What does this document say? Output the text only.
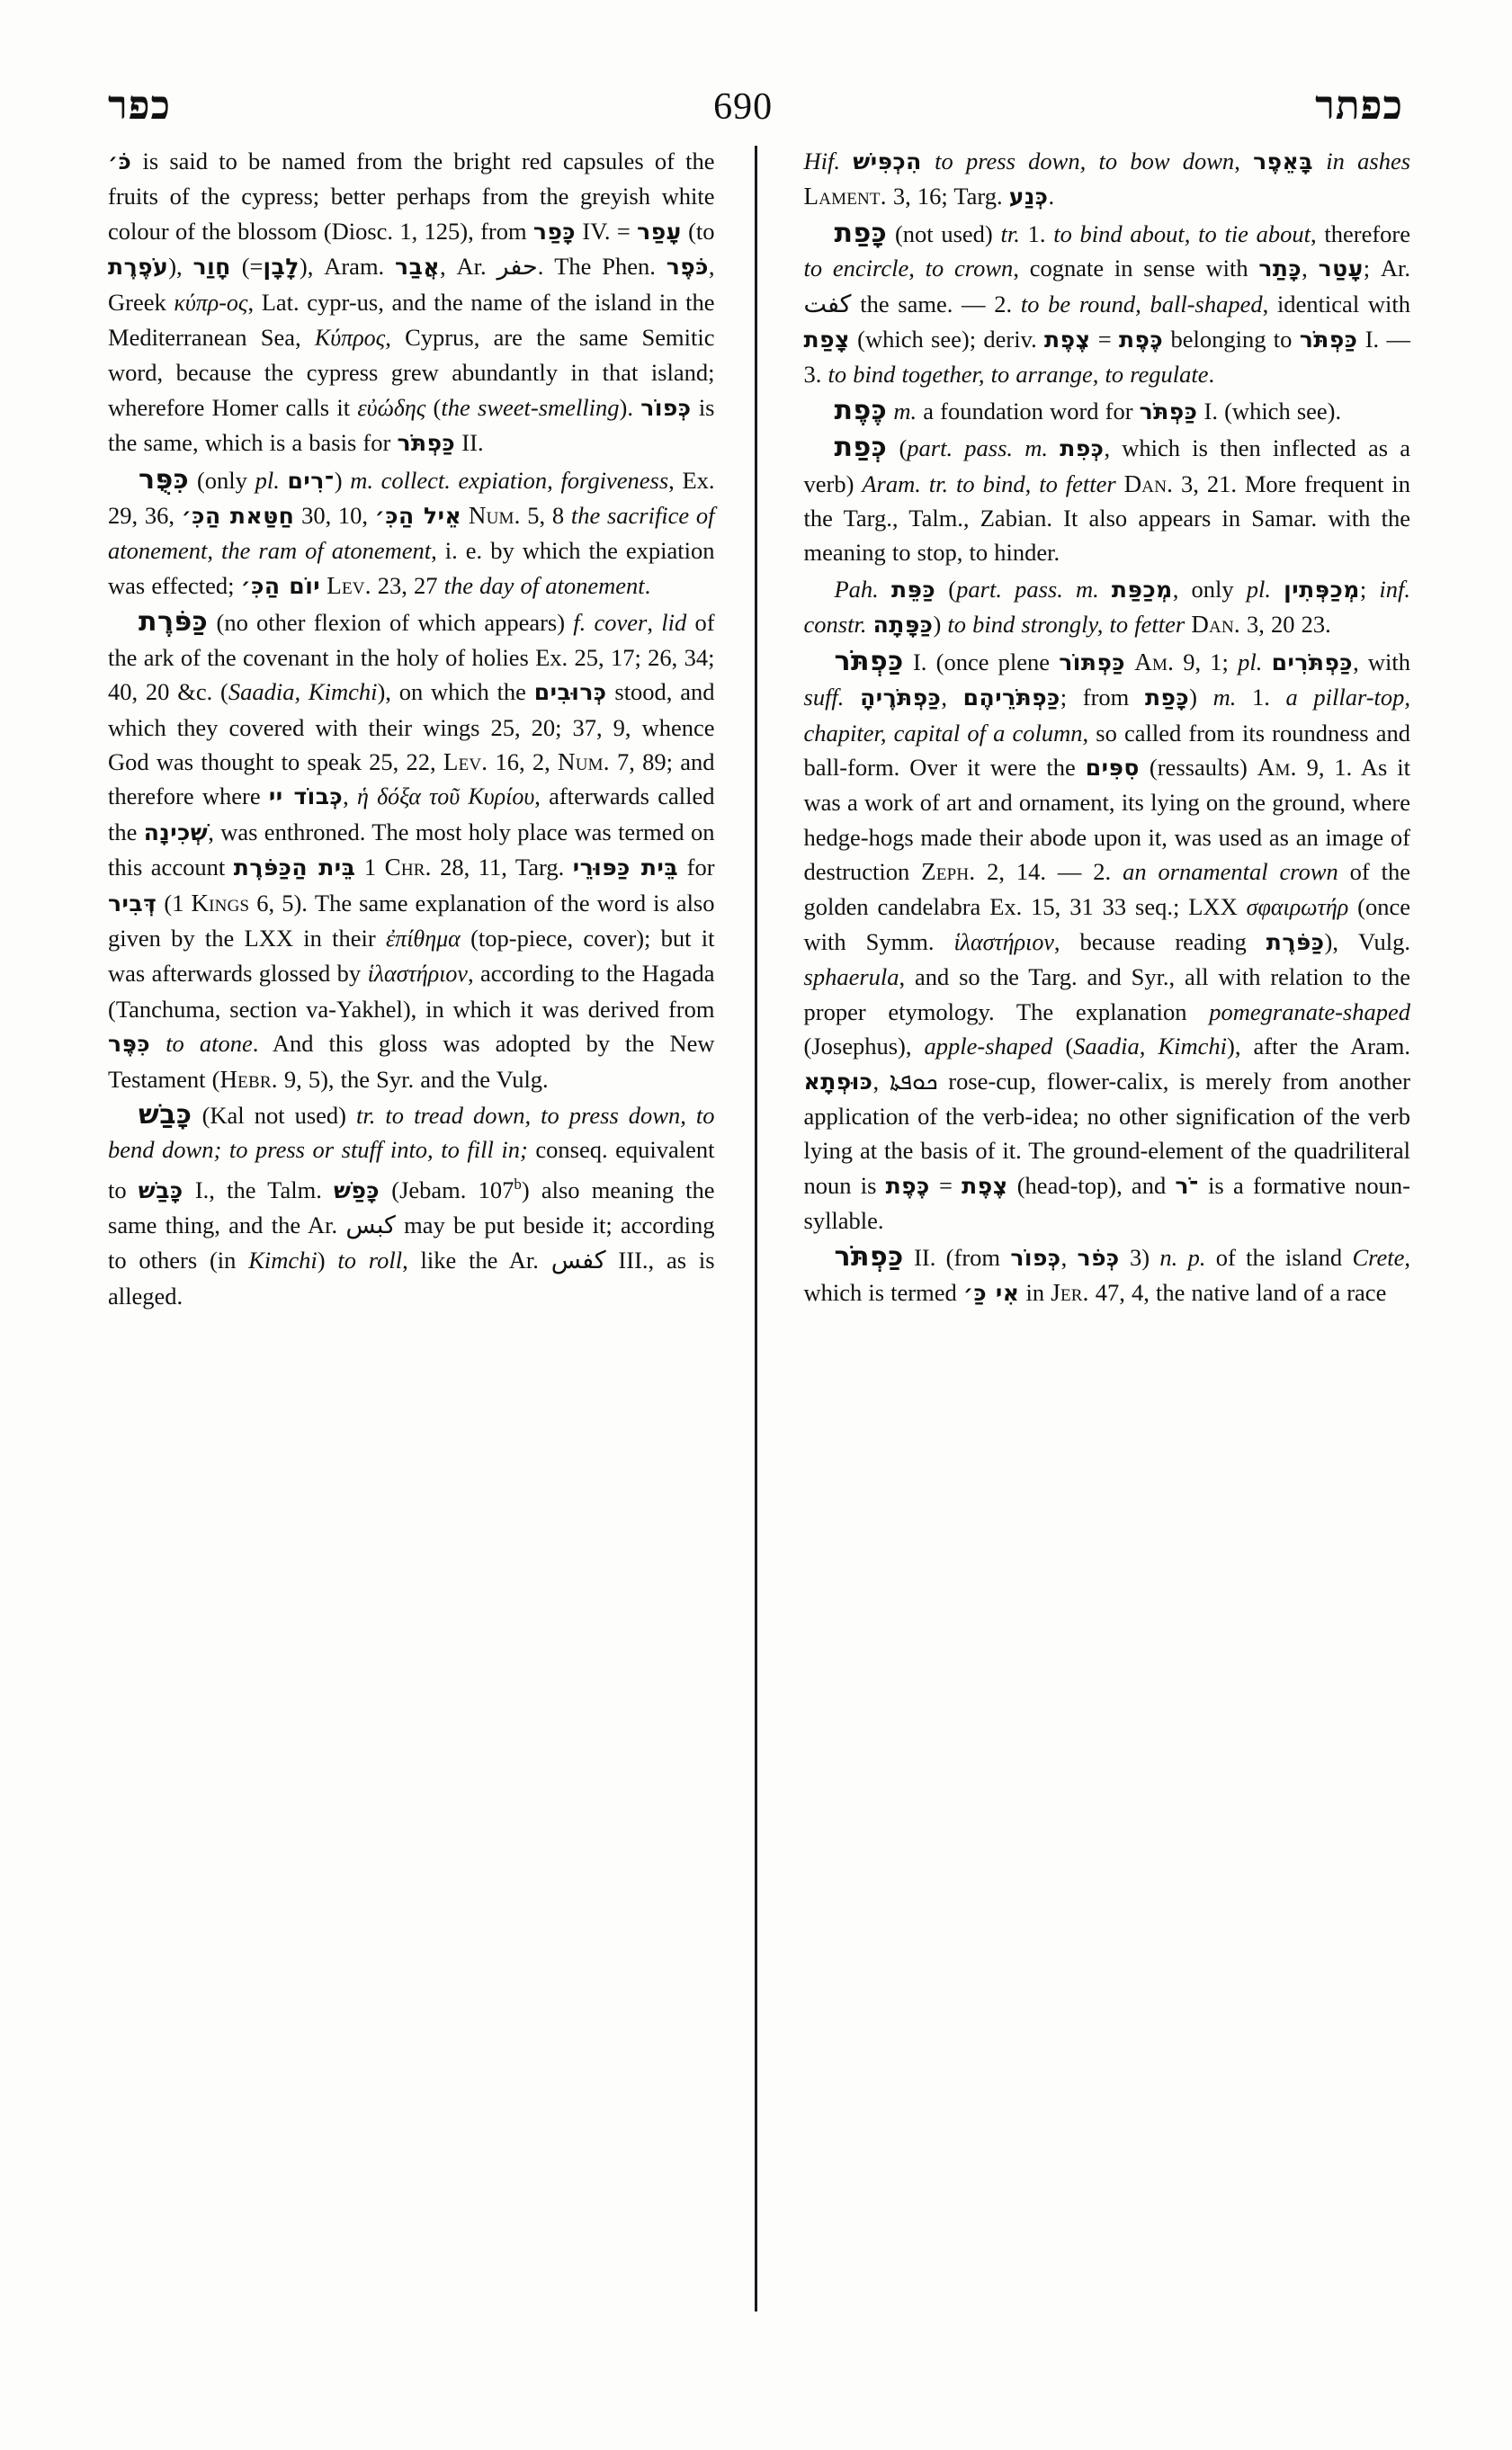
כפר	690	כפתר

כֹּ׳ is said to be named from the bright red capsules of the fruits of the cypress; better perhaps from the greyish white colour of the blossom (Diosc. 1, 125), from כָּפַר IV. = עָפַר (to עֹפֶרֶת), חָוַר (=לָבָן), Aram. אֲבַר, Ar. حفر. The Phen. כֹּפֶר, Greek κύπρ-ος, Lat. cypr-us, and the name of the island in the Mediterranean Sea, Κύπρος, Cyprus, are the same Semitic word, because the cypress grew abundantly in that island; wherefore Homer calls it εὐώδης (the sweet-smelling). כְּפוֹר is the same, which is a basis for כַּפְתֹּר II.

כִּפֻּר (only pl. ־רִים) m. collect. expiation, forgiveness, Ex. 29, 36, חַטַּאת הַכִּ׳ 30, 10, אֵיל הַכִּ׳ Num. 5, 8 the sacrifice of atonement, the ram of atonement, i. e. by which the expiation was effected; יוֹם הַכִּ׳ Lev. 23, 27 the day of atonement.

כַּפֹּרֶת (no other flexion of which appears) f. cover, lid of the ark of the covenant in the holy of holies Ex. 25, 17; 26, 34; 40, 20 &c. (Saadia, Kimchi), on which the כְּרוּבִים stood, and which they covered with their wings 25, 20; 37, 9, whence God was thought to speak 25, 22, Lev. 16, 2, Num. 7, 89; and therefore where כְּבוֹד יי, ἡ δόξα τοῦ Κυρίου, afterwards called the שְׁכִינָה, was enthroned. The most holy place was termed on this account בֵּית הַכַּפֹּרֶת 1 Chr. 28, 11, Targ. בֵּית כַּפּוּרֵי for דְּבִיר (1 Kings 6, 5). The same explanation of the word is also given by the LXX in their ἐπίθημα (top-piece, cover); but it was afterwards glossed by ἱλαστήριον, according to the Hagada (Tanchuma, section va-Yakhel), in which it was derived from כִּפֶּר to atone. And this gloss was adopted by the New Testament (Hebr. 9, 5), the Syr. and the Vulg.

כָּבַשׁ (Kal not used) tr. to tread down, to press down, to bend down; to press or stuff into, to fill in; conseq. equivalent to כָּבַשׁ I., the Talm. כָּפַשׁ (Jebam. 107$^b$) also meaning the same thing, and the Ar. كبس may be put beside it; according to others (in Kimchi) to roll, like the Ar. كفس III., as is alleged.

Hif. הִכְפִּישׁ to press down, to bow down, בָּאֵפֶר in ashes Lament. 3, 16; Targ. כְּנַע.

כָּפַת (not used) tr. 1. to bind about, to tie about, therefore to encircle, to crown, cognate in sense with כָּתַר, עָטַר; Ar. كفت the same. — 2. to be round, ball-shaped, identical with צָפַת (which see); deriv. צֶפֶת = כֶּפֶת belonging to כַּפְתֹּר I. — 3. to bind together, to arrange, to regulate.

כֶּפֶת m. a foundation word for כַּפְתֹּר I. (which see).

כְּפַת (part. pass. m. כְּפִת, which is then inflected as a verb) Aram. tr. to bind, to fetter Dan. 3, 21. More frequent in the Targ., Talm., Zabian. It also appears in Samar. with the meaning to stop, to hinder.

Pah. כַּפֵּת (part. pass. m. מְכַפַּת, only pl. מְכַפְּתִין; inf. constr. כַּפָּתָה) to bind strongly, to fetter Dan. 3, 20 23.

כַּפְתֹּר I. (once plene כַּפְתּוֹר Am. 9, 1; pl. כַּפְתֹּרִים, with suff. כַּפְתֹּרֶיהָ, כַּפְתֹּרֵיהֶם; from כָּפַת) m. 1. a pillar-top, chapiter, capital of a column, so called from its roundness and ball-form. Over it were the סִפִּים (ressaults) Am. 9, 1. As it was a work of art and ornament, its lying on the ground, where hedge-hogs made their abode upon it, was used as an image of destruction Zeph. 2, 14. — 2. an ornamental crown of the golden candelabra Ex. 15, 31 33 seq.; LXX σφαιρωτήρ (once with Symm. ἱλαστήριον, because reading כַּפֹּרֶת), Vulg. sphaerula, and so the Targ. and Syr., all with relation to the proper etymology. The explanation pomegranate-shaped (Josephus), apple-shaped (Saadia, Kimchi), after the Aram. כּוּפְתָא, ܟܘܦܬܐ rose-cup, flower-calix, is merely from another application of the verb-idea; no other signification of the verb lying at the basis of it. The ground-element of the quadriliteral noun is כֶּפֶת = צֶפֶת (head-top), and ־ֹר is a formative noun-syllable.

כַּפְתֹּר II. (from כְּפוֹר, כְּפֹר 3) n. p. of the island Crete, which is termed אִי כַּ׳ in Jer. 47, 4, the native land of a race
